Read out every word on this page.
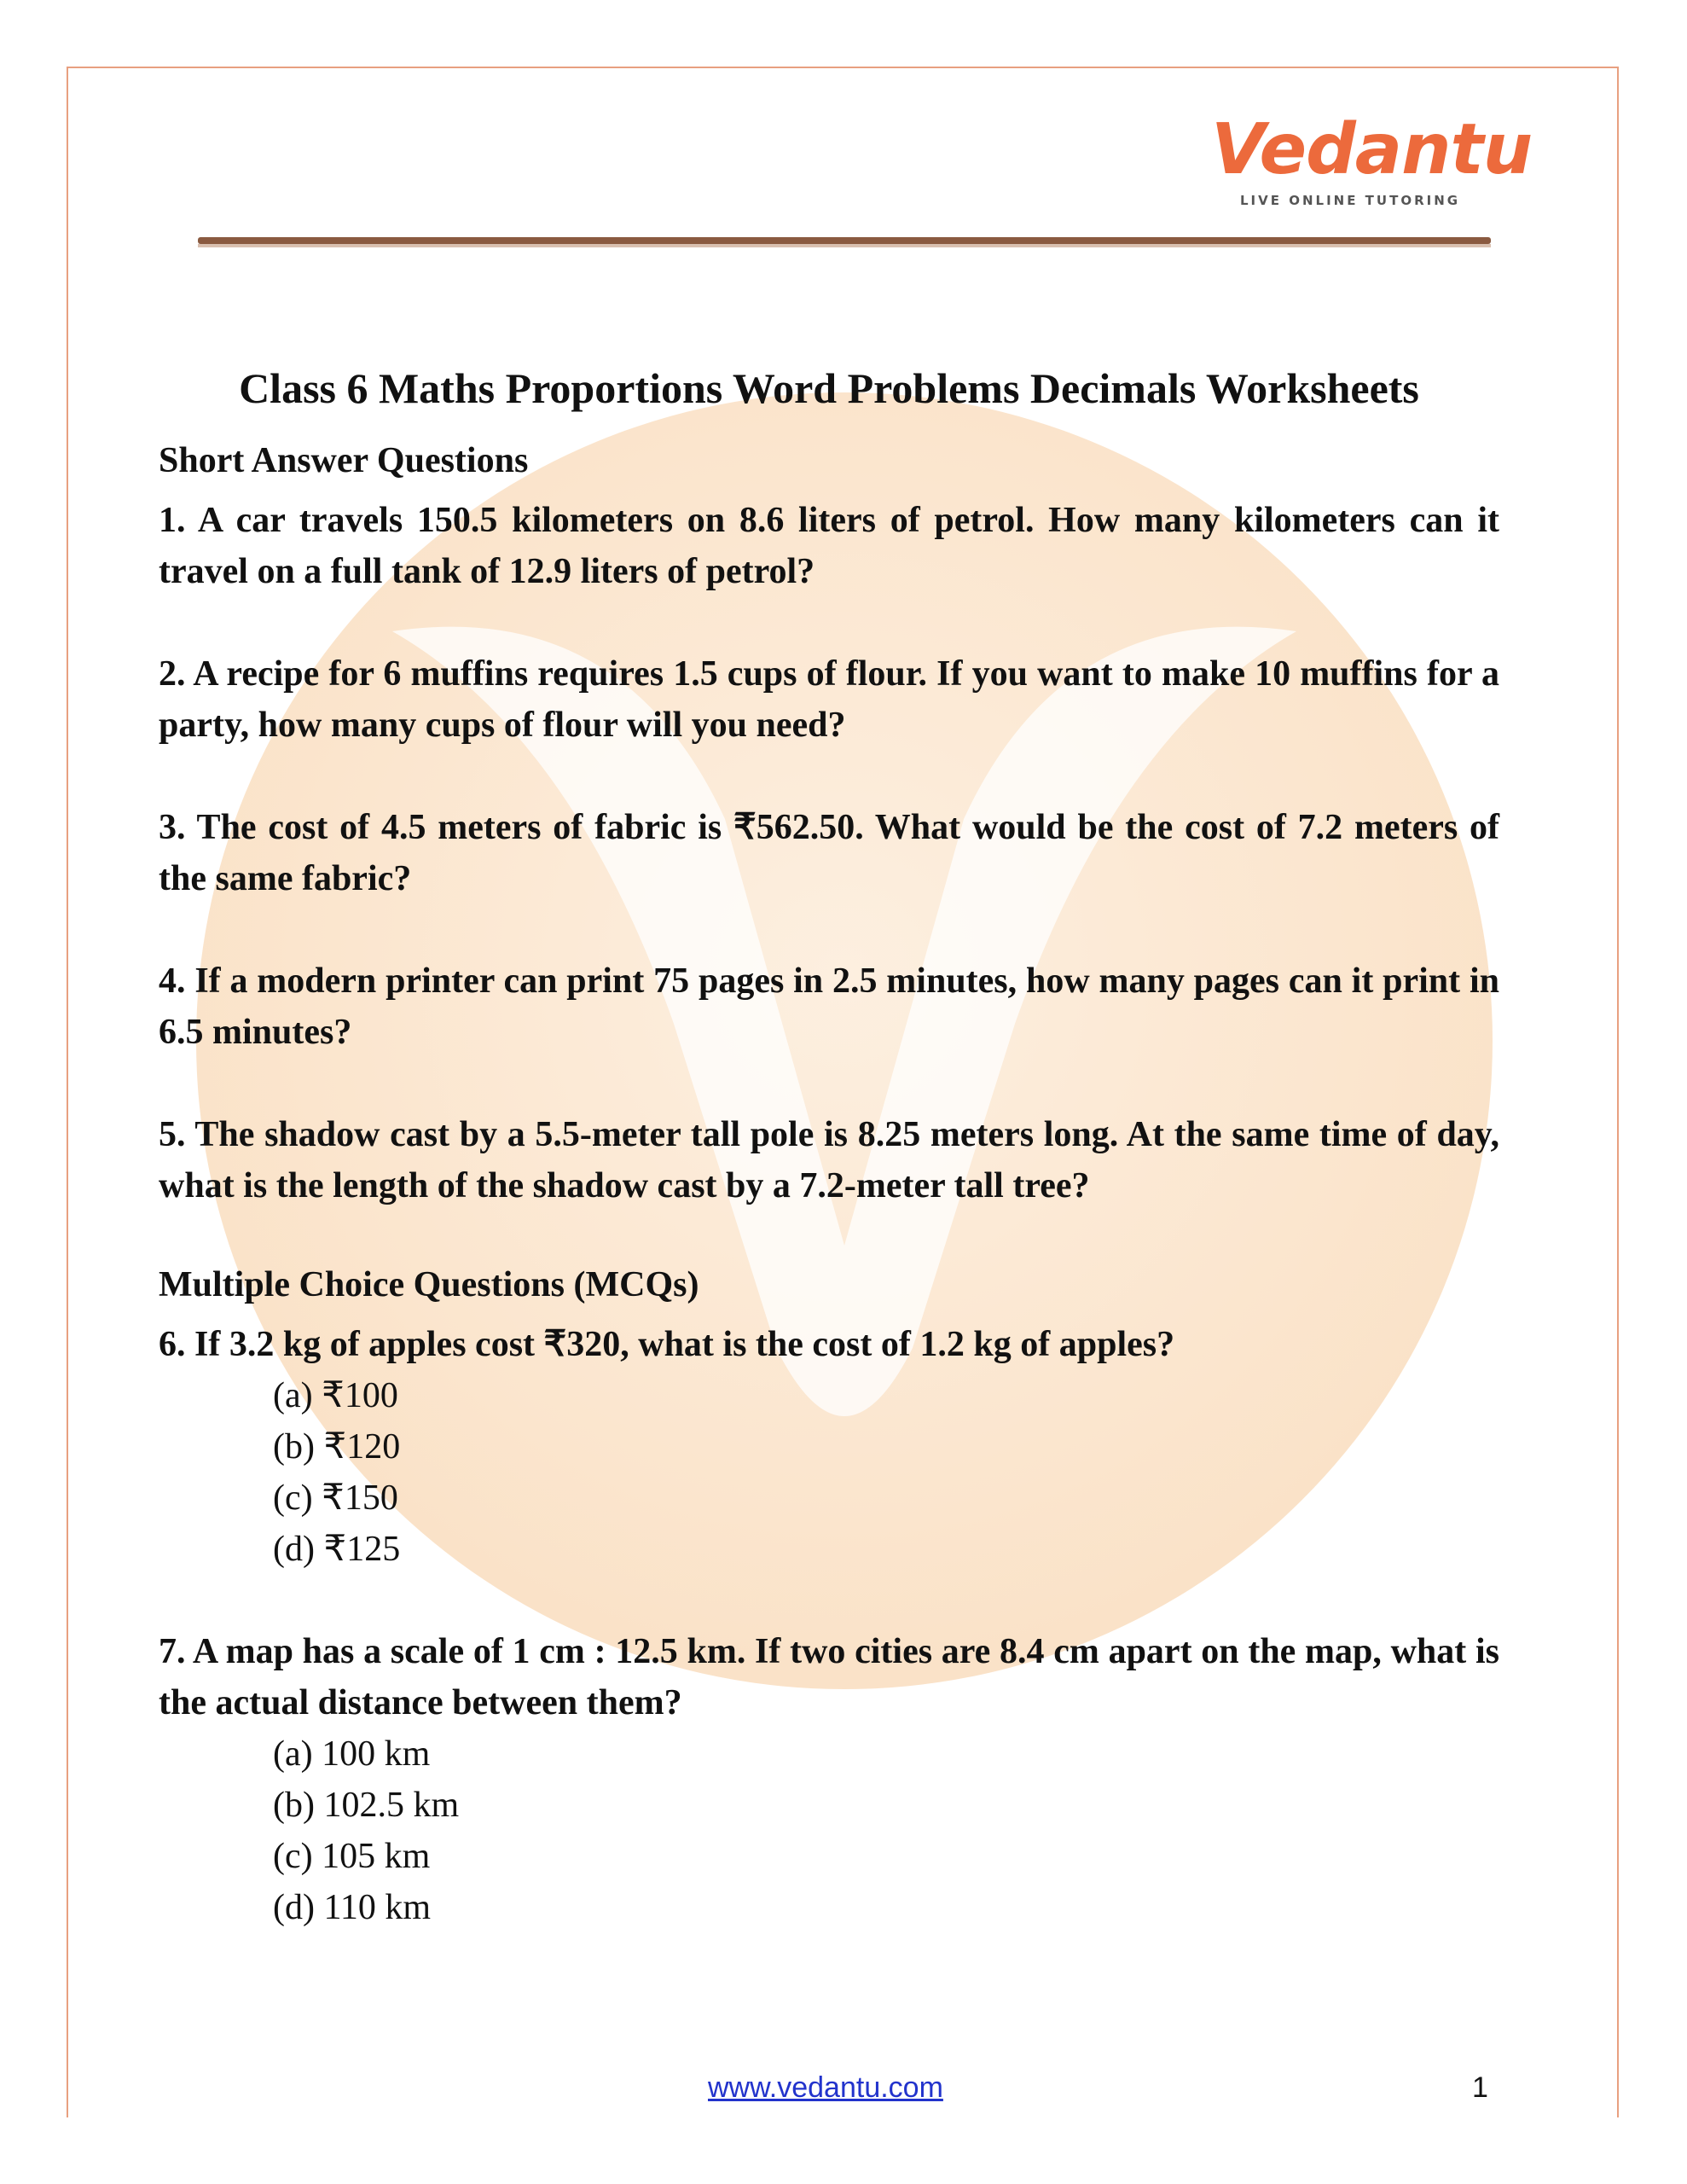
Vedantu
LIVE ONLINE TUTORING
Class 6 Maths Proportions Word Problems Decimals Worksheets
Short Answer Questions

1. A car travels 150.5 kilometers on 8.6 liters of petrol. How many kilometers can it travel on a full tank of 12.9 liters of petrol?

2. A recipe for 6 muffins requires 1.5 cups of flour. If you want to make 10 muffins for a party, how many cups of flour will you need?

3. The cost of 4.5 meters of fabric is ₹562.50. What would be the cost of 7.2 meters of the same fabric?

4. If a modern printer can print 75 pages in 2.5 minutes, how many pages can it print in 6.5 minutes?

5. The shadow cast by a 5.5-meter tall pole is 8.25 meters long. At the same time of day, what is the length of the shadow cast by a 7.2-meter tall tree?

Multiple Choice Questions (MCQs)

6. If 3.2 kg of apples cost ₹320, what is the cost of 1.2 kg of apples?

(a) ₹100
(b) ₹120
(c) ₹150
(d) ₹125

7. A map has a scale of 1 cm : 12.5 km. If two cities are 8.4 cm apart on the map, what is the actual distance between them?

(a) 100 km
(b) 102.5 km
(c) 105 km
(d) 110 km
www.vedantu.com	1
